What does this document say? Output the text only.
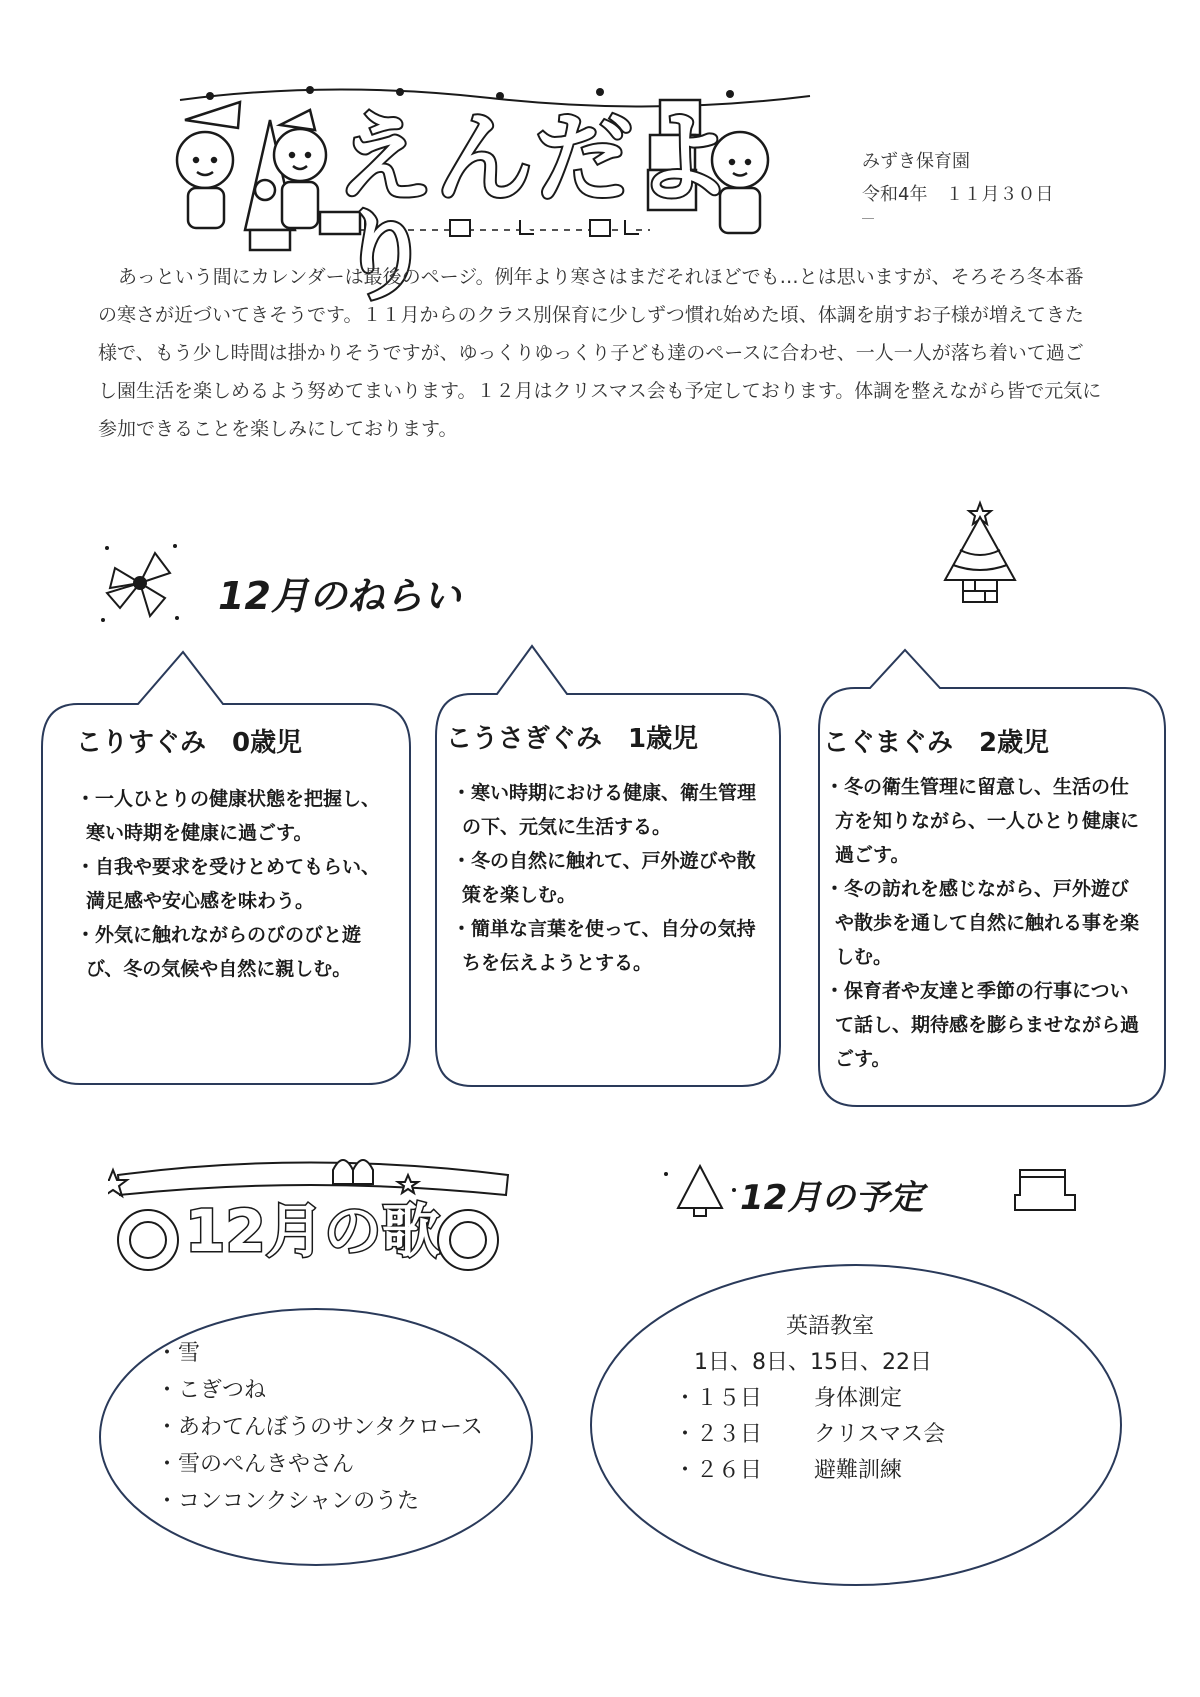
えんだより
みずき保育園
令和4年　１１月３０日
あっという間にカレンダーは最後のページ。例年より寒さはまだそれほどでも…とは思いますが、そろそろ冬本番の寒さが近づいてきそうです。１１月からのクラス別保育に少しずつ慣れ始めた頃、体調を崩すお子様が増えてきた様で、もう少し時間は掛かりそうですが、ゆっくりゆっくり子ども達のペースに合わせ、一人一人が落ち着いて過ごし園生活を楽しめるよう努めてまいります。１２月はクリスマス会も予定しております。体調を整えながら皆で元気に参加できることを楽しみにしております。
12月のねらい
こりすぐみ　0歳児
・一人ひとりの健康状態を把握し、寒い時期を健康に過ごす。
・自我や要求を受けとめてもらい、満足感や安心感を味わう。
・外気に触れながらのびのびと遊び、冬の気候や自然に親しむ。
こうさぎぐみ　1歳児
・寒い時期における健康、衛生管理の下、元気に生活する。
・冬の自然に触れて、戸外遊びや散策を楽しむ。
・簡単な言葉を使って、自分の気持ちを伝えようとする。
こぐまぐみ　2歳児
・冬の衛生管理に留意し、生活の仕方を知りながら、一人ひとり健康に過ごす。
・冬の訪れを感じながら、戸外遊びや散歩を通して自然に触れる事を楽しむ。
・保育者や友達と季節の行事について話し、期待感を膨らませながら過ごす。
12月の歌	12月の予定
・雪
・こぎつね
・あわてんぼうのサンタクロース
・雪のぺんきやさん
・コンコンクシャンのうた
英語教室
1日、8日、15日、22日
・１５日 身体測定
・２３日 クリスマス会
・２６日 避難訓練
